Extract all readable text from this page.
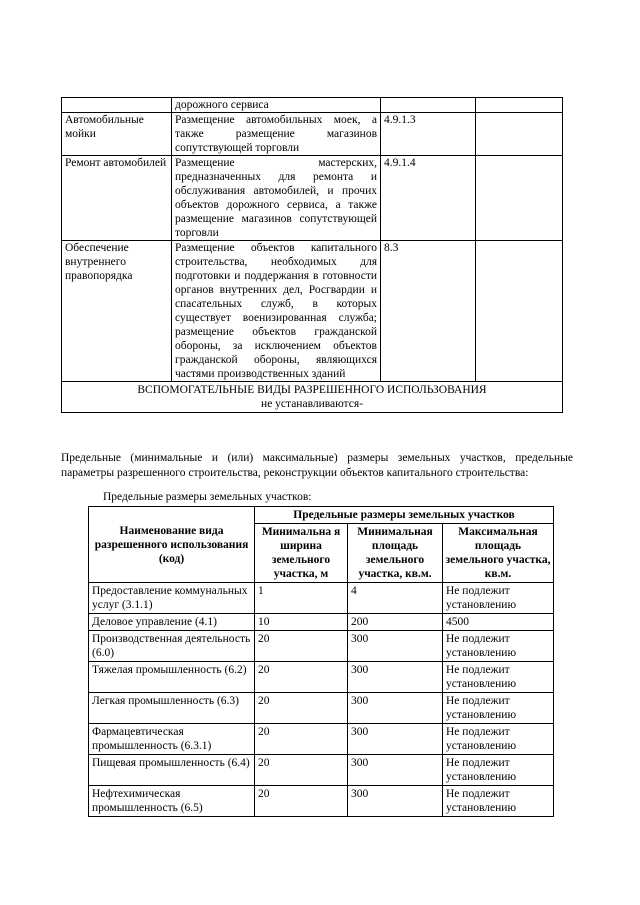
	дорожного сервиса		
Автомобильные мойки	Размещение автомобильных моек, а также размещение магазинов сопутствующей торговли	4.9.1.3	
Ремонт автомобилей	Размещение мастерских, предназначенных для ремонта и обслуживания автомобилей, и прочих объектов дорожного сервиса, а также размещение магазинов сопутствующей торговли	4.9.1.4	
Обеспечение внутреннего правопорядка	Размещение объектов капитального строительства, необходимых для подготовки и поддержания в готовности органов внутренних дел, Росгвардии и спасательных служб, в которых существует военизированная служба; размещение объектов гражданской обороны, за исключением объектов гражданской обороны, являющихся частями производственных зданий	8.3	

ВСПОМОГАТЕЛЬНЫЕ ВИДЫ РАЗРЕШЕННОГО ИСПОЛЬЗОВАНИЯ
не устанавливаются-			
Предельные (минимальные и (или) максимальные) размеры земельных участков, предельные параметры разрешенного строительства, реконструкции объектов капитального строительства:
Предельные размеры земельных участков:
Наименование вида разрешенного использования (код)	Предельные размеры земельных участков		
	Минимальна я ширина земельного участка, м	Минимальная площадь земельного участка, кв.м.	Максимальная площадь земельного участка, кв.м.
Предоставление коммунальных услуг (3.1.1)	1	4	Не подлежит установлению
Деловое управление (4.1)	10	200	4500
Производственная деятельность (6.0)	20	300	Не подлежит установлению
Тяжелая промышленность (6.2)	20	300	Не подлежит установлению
Легкая промышленность (6.3)	20	300	Не подлежит установлению
Фармацевтическая промышленность (6.3.1)	20	300	Не подлежит установлению
Пищевая промышленность (6.4)	20	300	Не подлежит установлению
Нефтехимическая промышленность (6.5)	20	300	Не подлежит установлению
